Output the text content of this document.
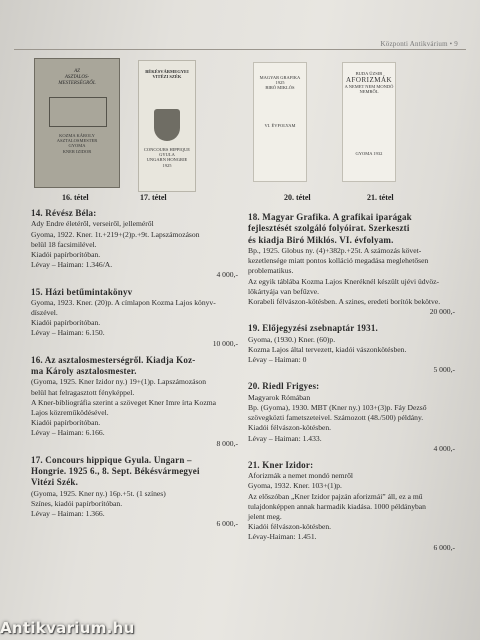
Központi Antikvárium • 9
AZ
ASZTALOS-
MESTERSÉGRŐL
KOZMA KÁROLY
ASZTALOSMESTER
GYOMA
KNER IZIDOR
BÉKÉSVÁRMEGYEI
VITÉZI SZÉK
CONCOURS HIPPIQUE
GYULA
UNGARN HONGRIE
1925
MAGYAR GRAFIKA
1925
BIRÓ MIKLÓS
VI. ÉVFOLYAM
BUDA ÜZSIB
AFORIZMÁK
A NEMET NEM MONDÓ
NEMRŐL
GYOMA 1932
16. tétel	17. tétel	20. tétel	21. tétel
14. Révész Béla:
Ady Endre életéről, verseiről, jelleméről
Gyoma, 1922. Kner. 1t.+219+(2)p.+9t. Lapszámozáson
belül 18 facsimilével.
Kiadói papírborítóban.
Lévay – Haiman: 1.346/A.
4 000,-
15. Házi betűmintakönyv
Gyoma, 1923. Kner. (20)p. A címlapon Kozma Lajos könyv-
díszével.
Kiadói papírborítóban.
Lévay – Haiman: 6.150.
10 000,-
16. Az asztalosmesterségről. Kiadja Koz-
ma Károly asztalosmester.
(Gyoma, 1925. Kner Izidor ny.) 19+(1)p. Lapszámozáson
belül hat felragasztott fényképpel.
A Kner-bibliográfia szerint a szöveget Kner Imre írta Kozma
Lajos közreműködésével.
Kiadói papírborítóban.
Lévay – Haiman: 6.166.
8 000,-
17. Concours hippique Gyula. Ungarn –
Hongrie. 1925 6., 8. Sept. Békésvármegyei
Vitézi Szék.
(Gyoma, 1925. Kner ny.) 16p.+5t. (1 színes)
Színes, kiadói papírborítóban.
Lévay – Haiman: 1.366.
6 000,-
18. Magyar Grafika. A grafikai iparágak
fejlesztését szolgáló folyóirat. Szerkeszti
és kiadja Biró Miklós. VI. évfolyam.
Bp., 1925. Globus ny. (4)+382p.+25t. A számozás követ-
kezetlensége miatt pontos kolláció megadása meglehetősen
problematikus.
Az egyik táblába Kozma Lajos Kneréknél készült ujévi üdvöz-
lőkártyája van befűzve.
Korabeli félvászon-kötésben. A szines, eredeti borítók bekötve.
20 000,-
19. Előjegyzési zsebnaptár 1931.
Gyoma, (1930.) Kner. (60)p.
Kozma Lajos által tervezett, kiadói vászonkötésben.
Lévay – Haiman: 0
5 000,-
20. Riedl Frigyes:
Magyarok Rómában
Bp. (Gyoma), 1930. MBT (Kner ny.) 103+(3)p. Fáy Dezső
szövegközti fametszeteivel. Számozott (48./500) példány.
Kiadói félvászon-kötésben.
Lévay – Haiman: 1.433.
4 000,-
21. Kner Izidor:
Aforizmák a nemet mondó nemről
Gyoma, 1932. Kner. 103+(1)p.
Az előszóban „Kner Izidor pajzán aforizmái” áll, ez a mű
tulajdonképpen annak harmadik kiadása. 1000 példányban
jelent meg.
Kiadói félvászon-kötésben.
Lévay-Haiman: 1.451.
6 000,-
Antikvarium.hu
